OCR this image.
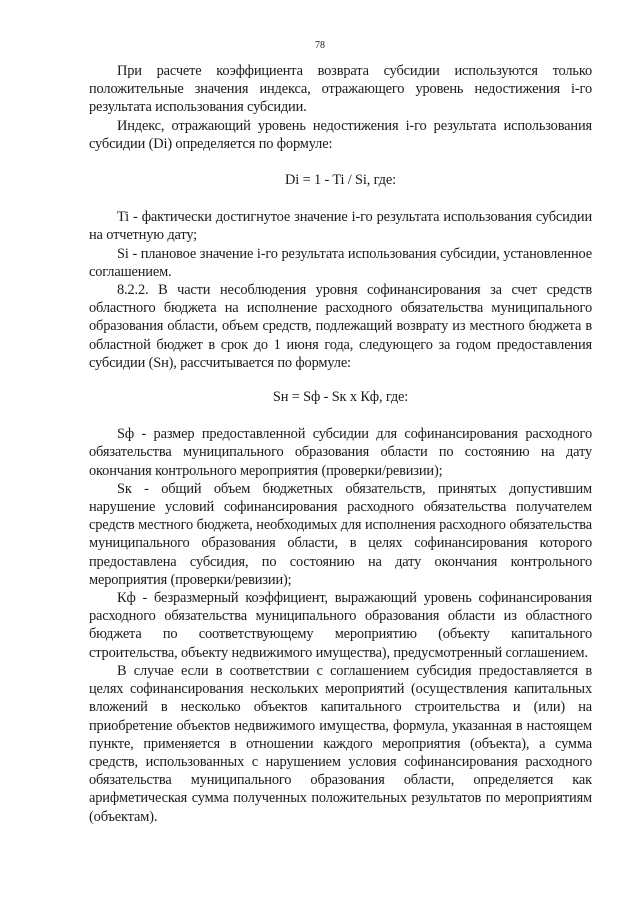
78

При расчете коэффициента возврата субсидии используются только положительные значения индекса, отражающего уровень недостижения i-го результата использования субсидии.

Индекс, отражающий уровень недостижения i-го результата использования субсидии (Di) определяется по формуле:

Di = 1 - Ti / Si, где:

Ti - фактически достигнутое значение i-го результата использования субсидии на отчетную дату;

Si - плановое значение i-го результата использования субсидии, установленное соглашением.

8.2.2. В части несоблюдения уровня софинансирования за счет средств областного бюджета на исполнение расходного обязательства муниципального образования области, объем средств, подлежащий возврату из местного бюджета в областной бюджет в срок до 1 июня года, следующего за годом предоставления субсидии (Sн), рассчитывается по формуле:

Sн = Sф - Sк х Кф, где:

Sф - размер предоставленной субсидии для софинансирования расходного обязательства муниципального образования области по состоянию на дату окончания контрольного мероприятия (проверки/ревизии);

Sк - общий объем бюджетных обязательств, принятых допустившим нарушение условий софинансирования расходного обязательства получателем средств местного бюджета, необходимых для исполнения расходного обязательства муниципального образования области, в целях софинансирования которого предоставлена субсидия, по состоянию на дату окончания контрольного мероприятия (проверки/ревизии);

Кф - безразмерный коэффициент, выражающий уровень софинансирования расходного обязательства муниципального образования области из областного бюджета по соответствующему мероприятию (объекту капитального строительства, объекту недвижимого имущества), предусмотренный соглашением.

В случае если в соответствии с соглашением субсидия предоставляется в целях софинансирования нескольких мероприятий (осуществления капитальных вложений в несколько объектов капитального строительства и (или) на приобретение объектов недвижимого имущества, формула, указанная в настоящем пункте, применяется в отношении каждого мероприятия (объекта), а сумма средств, использованных с нарушением условия софинансирования расходного обязательства муниципального образования области, определяется как арифметическая сумма полученных положительных результатов по мероприятиям (объектам).
